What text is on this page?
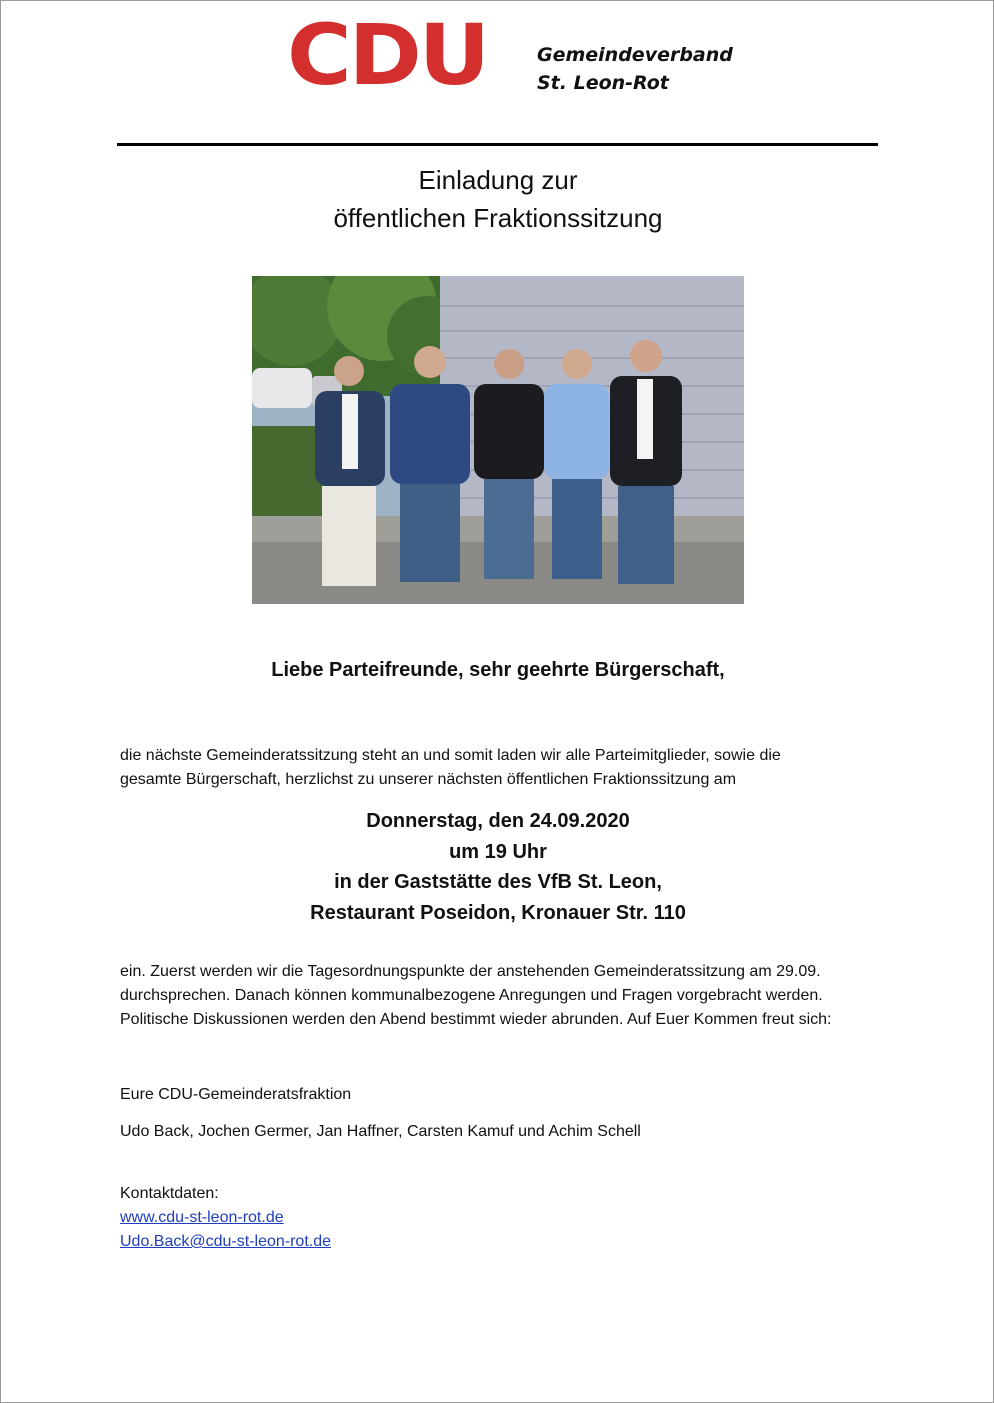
CDU	Gemeindeverband
St. Leon-Rot
Einladung zur
öffentlichen Fraktionssitzung
Liebe Parteifreunde, sehr geehrte Bürgerschaft,
die nächste Gemeinderatssitzung steht an und somit laden wir alle Parteimitglieder, sowie die
gesamte Bürgerschaft, herzlichst zu unserer nächsten öffentlichen Fraktionssitzung am
Donnerstag, den 24.09.2020
um 19 Uhr
in der Gaststätte des VfB St. Leon,
Restaurant Poseidon, Kronauer Str. 110
ein. Zuerst werden wir die Tagesordnungspunkte der anstehenden Gemeinderatssitzung am 29.09.
durchsprechen. Danach können kommunalbezogene Anregungen und Fragen vorgebracht werden.
Politische Diskussionen werden den Abend bestimmt wieder abrunden. Auf Euer Kommen freut sich:
Eure CDU-Gemeinderatsfraktion
Udo Back, Jochen Germer, Jan Haffner, Carsten Kamuf und Achim Schell
Kontaktdaten:
www.cdu-st-leon-rot.de
Udo.Back@cdu-st-leon-rot.de
